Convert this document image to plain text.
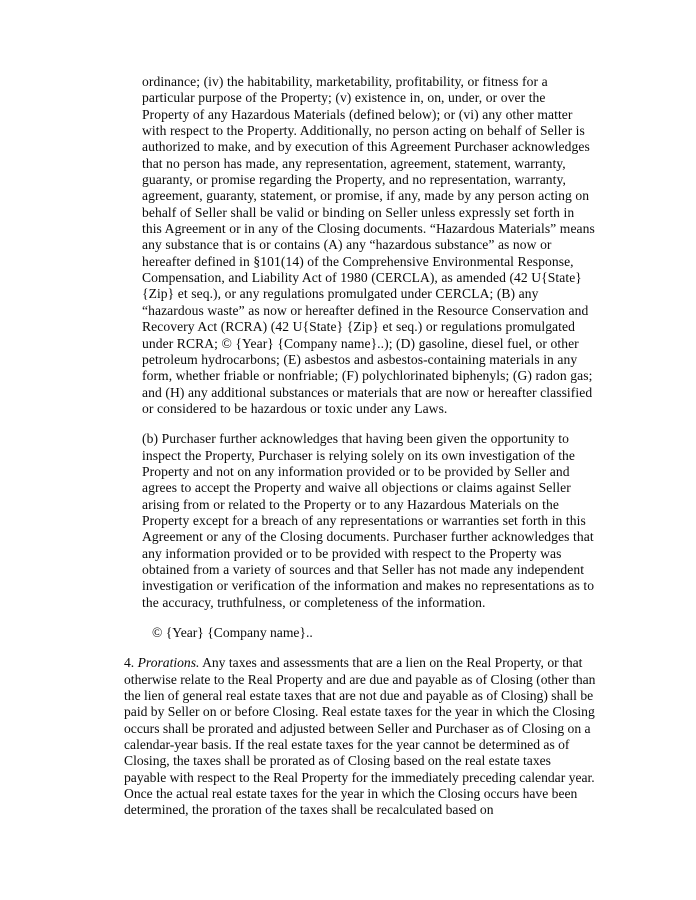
ordinance; (iv) the habitability, marketability, profitability, or fitness for a particular purpose of the Property; (v) existence in, on, under, or over the Property of any Hazardous Materials (defined below); or (vi) any other matter with respect to the Property. Additionally, no person acting on behalf of Seller is authorized to make, and by execution of this Agreement Purchaser acknowledges that no person has made, any representation, agreement, statement, warranty, guaranty, or promise regarding the Property, and no representation, warranty, agreement, guaranty, statement, or promise, if any, made by any person acting on behalf of Seller shall be valid or binding on Seller unless expressly set forth in this Agreement or in any of the Closing documents. “Hazardous Materials” means any substance that is or contains (A) any “hazardous substance” as now or hereafter defined in §101(14) of the Comprehensive Environmental Response, Compensation, and Liability Act of 1980 (CERCLA), as amended (42 U{State} {Zip} et seq.), or any regulations promulgated under CERCLA; (B) any “hazardous waste” as now or hereafter defined in the Resource Conservation and Recovery Act (RCRA) (42 U{State} {Zip} et seq.) or regulations promulgated under RCRA; © {Year} {Company name}..); (D) gasoline, diesel fuel, or other petroleum hydrocarbons; (E) asbestos and asbestos-containing materials in any form, whether friable or nonfriable; (F) polychlorinated biphenyls; (G) radon gas; and (H) any additional substances or materials that are now or hereafter classified or considered to be hazardous or toxic under any Laws.

(b) Purchaser further acknowledges that having been given the opportunity to inspect the Property, Purchaser is relying solely on its own investigation of the Property and not on any information provided or to be provided by Seller and agrees to accept the Property and waive all objections or claims against Seller arising from or related to the Property or to any Hazardous Materials on the Property except for a breach of any representations or warranties set forth in this Agreement or any of the Closing documents. Purchaser further acknowledges that any information provided or to be provided with respect to the Property was obtained from a variety of sources and that Seller has not made any independent investigation or verification of the information and makes no representations as to the accuracy, truthfulness, or completeness of the information.

© {Year} {Company name}..

4. Prorations. Any taxes and assessments that are a lien on the Real Property, or that otherwise relate to the Real Property and are due and payable as of Closing (other than the lien of general real estate taxes that are not due and payable as of Closing) shall be paid by Seller on or before Closing. Real estate taxes for the year in which the Closing occurs shall be prorated and adjusted between Seller and Purchaser as of Closing on a calendar-year basis. If the real estate taxes for the year cannot be determined as of Closing, the taxes shall be prorated as of Closing based on the real estate taxes payable with respect to the Real Property for the immediately preceding calendar year. Once the actual real estate taxes for the year in which the Closing occurs have been determined, the proration of the taxes shall be recalculated based on
